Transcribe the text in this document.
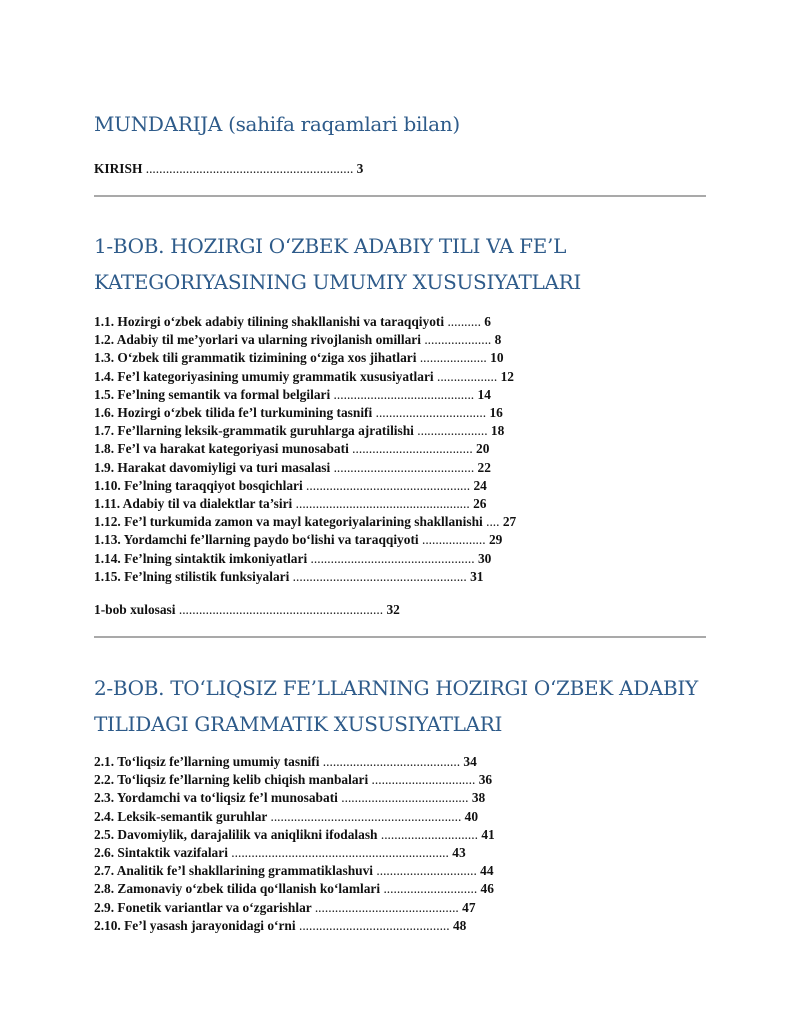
MUNDARIJA (sahifa raqamlari bilan)

KIRISH .............................................................. 3

1-BOB. HOZIRGI O‘ZBEK ADABIY TILI VA FE’L
KATEGORIYASINING UMUMIY XUSUSIYATLARI

1.1. Hozirgi o‘zbek adabiy tilining shakllanishi va taraqqiyoti .......... 6

1.2. Adabiy til me’yorlari va ularning rivojlanish omillari .................... 8

1.3. O‘zbek tili grammatik tizimining o‘ziga xos jihatlari .................... 10

1.4. Fe’l kategoriyasining umumiy grammatik xususiyatlari .................. 12

1.5. Fe’lning semantik va formal belgilari .......................................... 14

1.6. Hozirgi o‘zbek tilida fe’l turkumining tasnifi ................................. 16

1.7. Fe’llarning leksik-grammatik guruhlarga ajratilishi ..................... 18

1.8. Fe’l va harakat kategoriyasi munosabati .................................... 20

1.9. Harakat davomiyligi va turi masalasi .......................................... 22

1.10. Fe’lning taraqqiyot bosqichlari ................................................. 24

1.11. Adabiy til va dialektlar ta’siri .................................................... 26

1.12. Fe’l turkumida zamon va mayl kategoriyalarining shakllanishi .... 27

1.13. Yordamchi fe’llarning paydo bo‘lishi va taraqqiyoti ................... 29

1.14. Fe’lning sintaktik imkoniyatlari ................................................. 30

1.15. Fe’lning stilistik funksiyalari .................................................... 31

1-bob xulosasi ............................................................. 32

2-BOB. TO‘LIQSIZ FE’LLARNING HOZIRGI O‘ZBEK ADABIY
TILIDAGI GRAMMATIK XUSUSIYATLARI

2.1. To‘liqsiz fe’llarning umumiy tasnifi ......................................... 34

2.2. To‘liqsiz fe’llarning kelib chiqish manbalari ............................... 36

2.3. Yordamchi va to‘liqsiz fe’l munosabati ...................................... 38

2.4. Leksik-semantik guruhlar ......................................................... 40

2.5. Davomiylik, darajalilik va aniqlikni ifodalash ............................. 41

2.6. Sintaktik vazifalari ................................................................. 43

2.7. Analitik fe’l shakllarining grammatiklashuvi .............................. 44

2.8. Zamonaviy o‘zbek tilida qo‘llanish ko‘lamlari ............................ 46

2.9. Fonetik variantlar va o‘zgarishlar ........................................... 47

2.10. Fe’l yasash jarayonidagi o‘rni ............................................. 48
